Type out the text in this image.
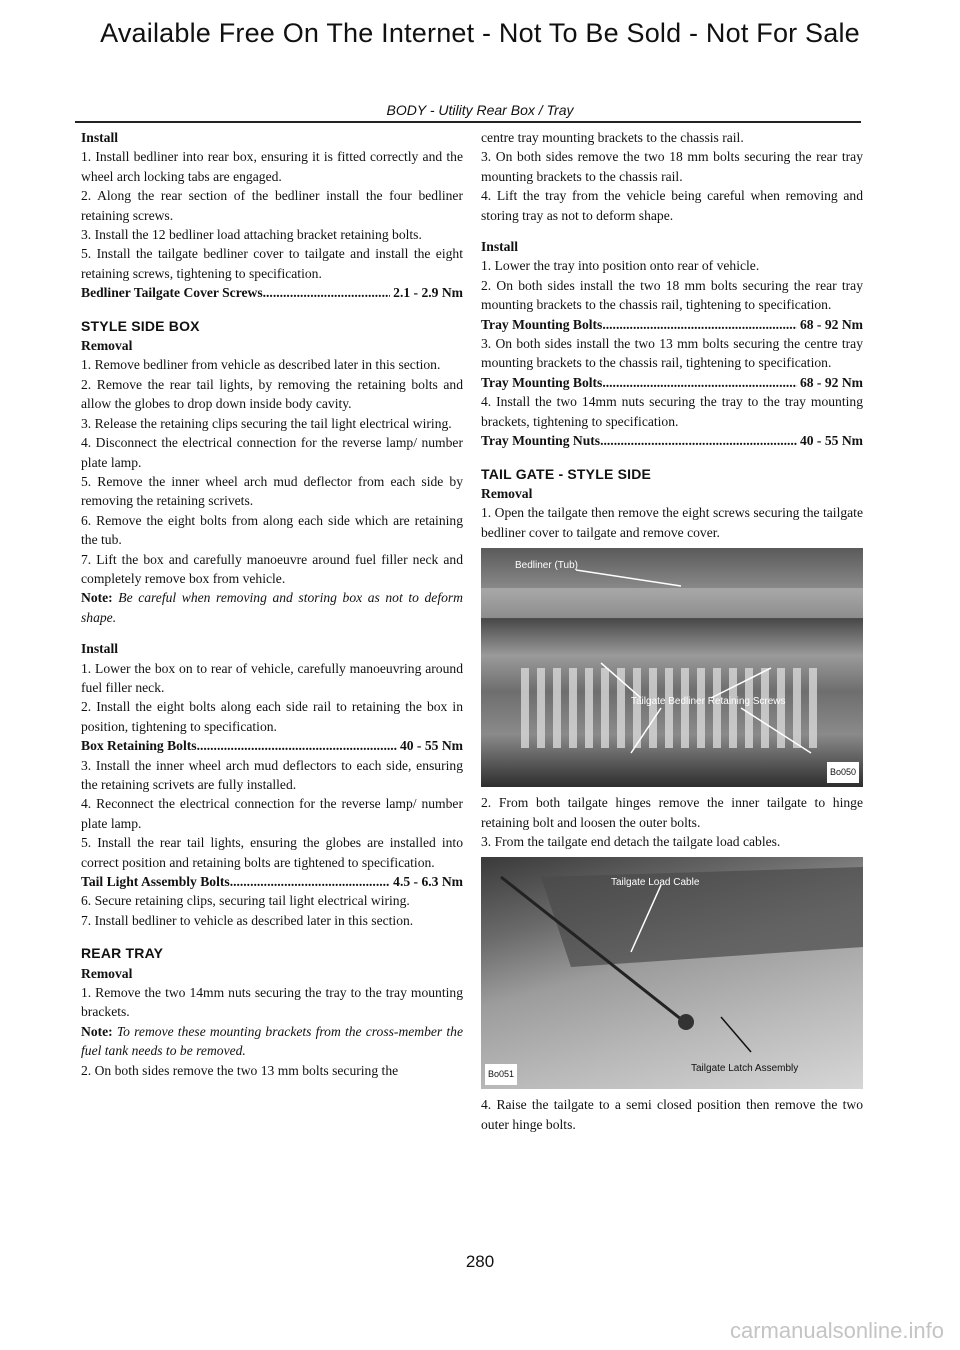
Available Free On The Internet - Not To Be Sold - Not For Sale
BODY - Utility Rear Box / Tray

Install

1. Install bedliner into rear box, ensuring it is fitted correctly and the wheel arch locking tabs are engaged.

2. Along the rear section of the bedliner install the four bedliner retaining screws.

3. Install the 12 bedliner load attaching bracket retaining bolts.

5. Install the tailgate bedliner cover to tailgate and install the eight retaining screws, tightening to specification.

Bedliner Tailgate Cover Screws .....	2.1 - 2.9 Nm

STYLE SIDE BOX

Removal

1. Remove bedliner from vehicle as described later in this section.

2. Remove the rear tail lights, by removing the retaining bolts and allow the globes to drop down inside body cavity.

3. Release the retaining clips securing the tail light electrical wiring.

4. Disconnect the electrical connection for the reverse lamp/ number plate lamp.

5. Remove the inner wheel arch mud deflector from each side by removing the retaining scrivets.

6. Remove the eight bolts from along each side which are retaining the tub.

7. Lift the box and carefully manoeuvre around fuel filler neck and completely remove box from vehicle.

Note: Be careful when removing and storing box as not to deform shape.

Install

1. Lower the box on to rear of vehicle, carefully manoeuvring around fuel filler neck.

2. Install the eight bolts along each side rail to retaining the box in position, tightening to specification.

Box Retaining Bolts .....	40 - 55 Nm

3. Install the inner wheel arch mud deflectors to each side, ensuring the retaining scrivets are fully installed.

4. Reconnect the electrical connection for the reverse lamp/ number plate lamp.

5. Install the rear tail lights, ensuring the globes are installed into correct position and retaining bolts are tightened to specification.

Tail Light Assembly Bolts .....	4.5 - 6.3 Nm

6. Secure retaining clips, securing tail light electrical wiring.

7. Install bedliner to vehicle as described later in this section.

REAR TRAY

Removal

1. Remove the two 14mm nuts securing the tray to the tray mounting brackets.

Note: To remove these mounting brackets from the cross-member the fuel tank needs to be removed.

2. On both sides remove the two 13 mm bolts securing the

centre tray mounting brackets to the chassis rail.

3. On both sides remove the two 18 mm bolts securing the rear tray mounting brackets to the chassis rail.

4. Lift the tray from the vehicle being careful when removing and storing tray as not to deform shape.

Install

1. Lower the tray into position onto rear of vehicle.

2. On both sides install the two 18 mm bolts securing the rear tray mounting brackets to the chassis rail, tightening to specification.

Tray Mounting Bolts .....	68 - 92 Nm

3. On both sides install the two 13 mm bolts securing the centre tray mounting brackets to the chassis rail, tightening to specification.

Tray Mounting Bolts .....	68 - 92 Nm

4. Install the two 14mm nuts securing the tray to the tray mounting brackets, tightening to specification.

Tray Mounting Nuts .....	40 - 55 Nm

TAIL GATE - STYLE SIDE

Removal

1. Open the tailgate then remove the eight screws securing the tailgate bedliner cover to tailgate and remove cover.

Bedliner (Tub)
Tailgate Bedliner Retaining Screws
Bo050

2. From both tailgate hinges remove the inner tailgate to hinge retaining bolt and loosen the outer bolts.

3. From the tailgate end detach the tailgate load cables.

Tailgate Load Cable
Tailgate Latch Assembly
Bo051

4. Raise the tailgate to a semi closed position then remove the two outer hinge bolts.

280
carmanualsonline.info
